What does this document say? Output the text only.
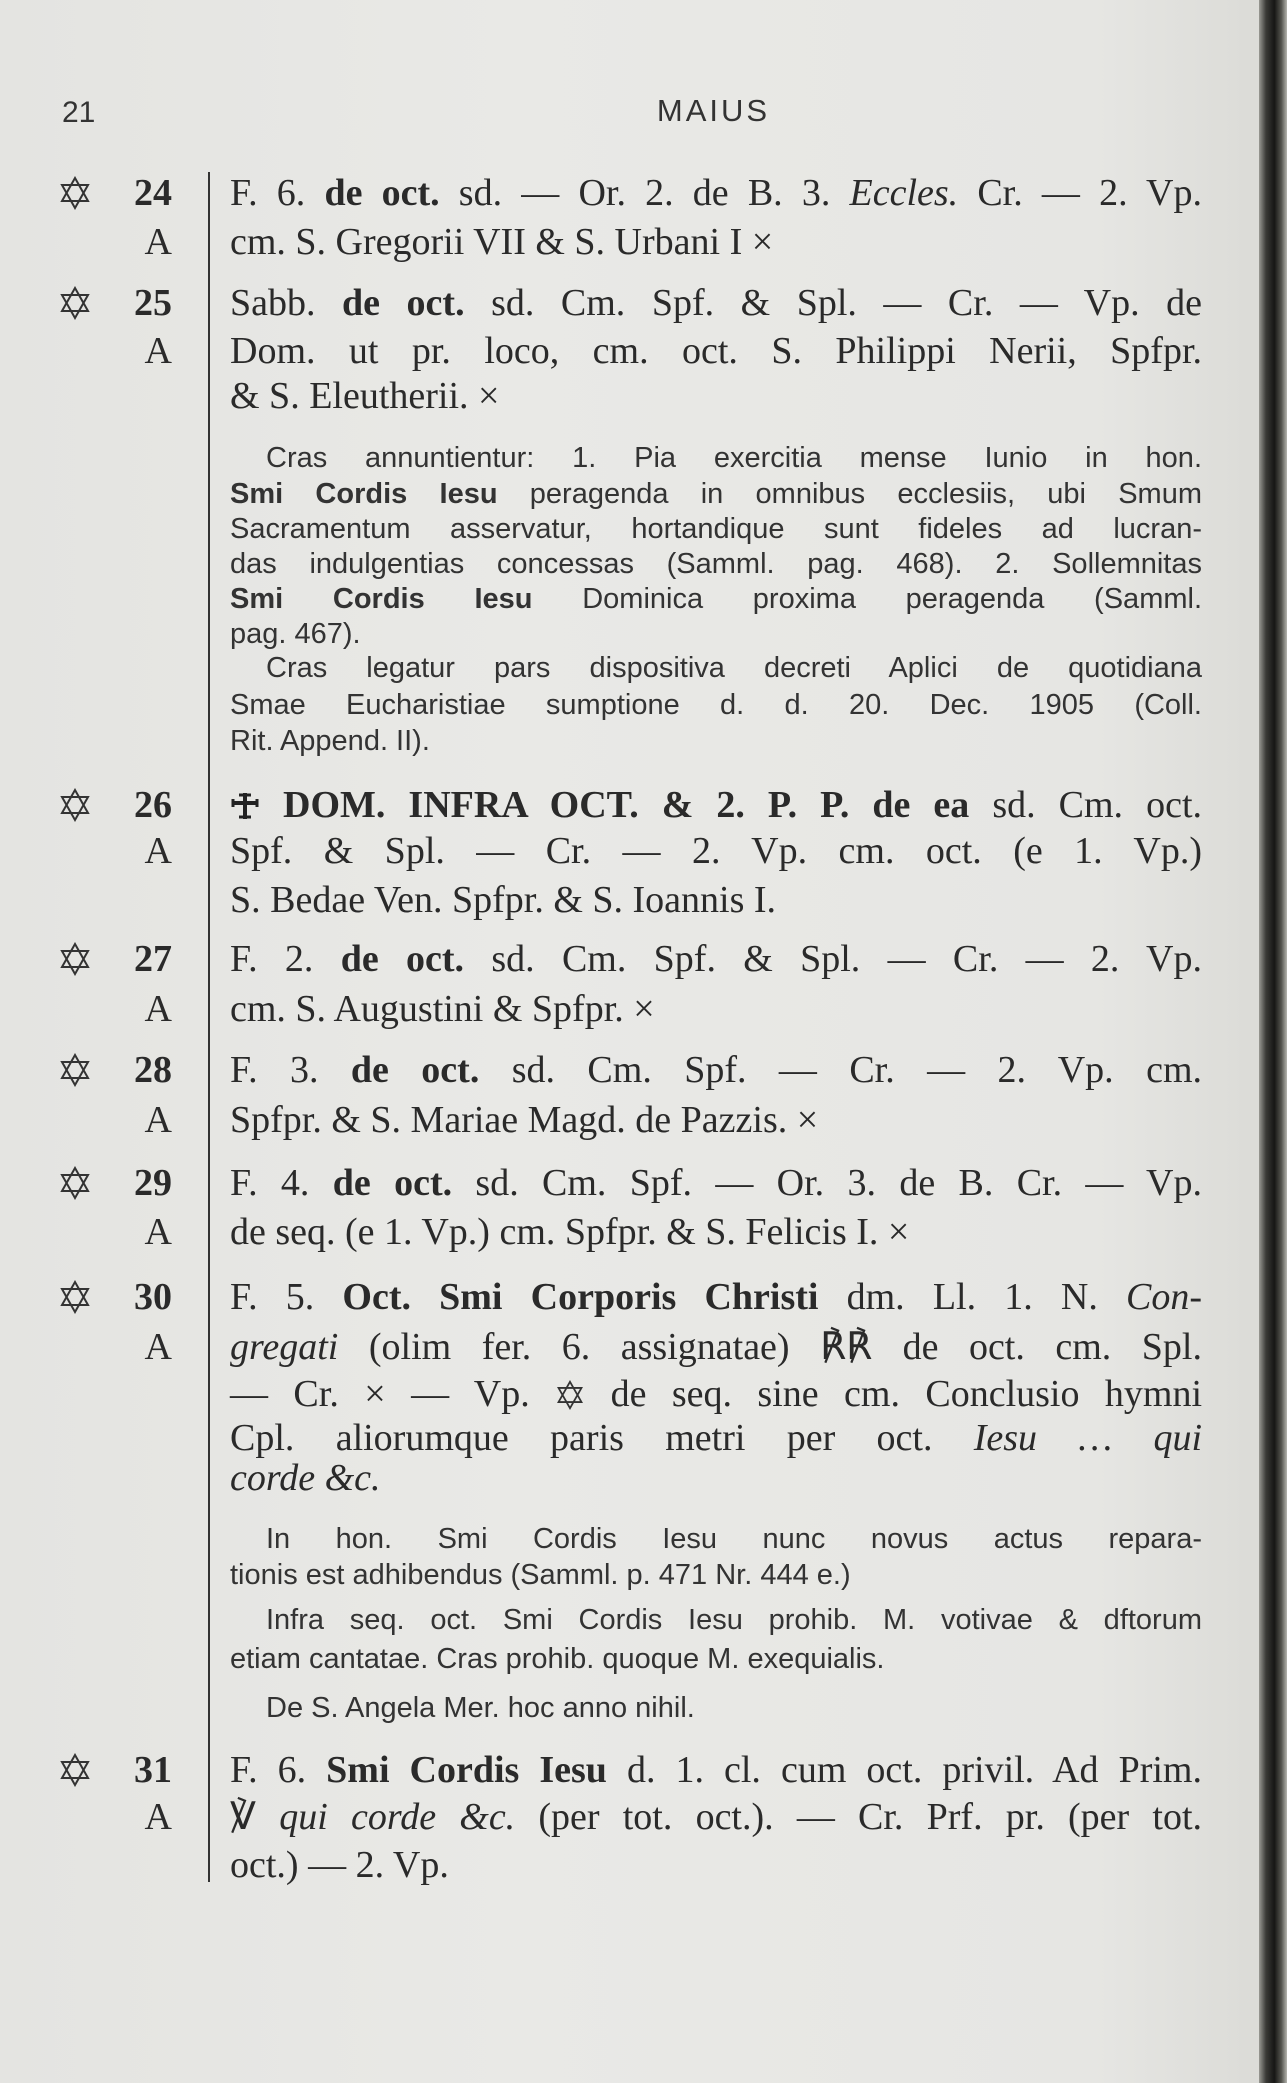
21	MAIUS
24
A
F. 6. de oct. sd. — Or. 2. de B. 3. Eccles. Cr. — 2. Vp.
cm. S. Gregorii VII & S. Urbani I ×
25
A
Sabb. de oct. sd. Cm. Spf. & Spl. — Cr. — Vp. de
Dom. ut pr. loco, cm. oct. S. Philippi Nerii, Spfpr.
& S. Eleutherii. ×
26
A
DOM. INFRA OCT. & 2. P. P. de ea sd. Cm. oct.
Spf. & Spl. — Cr. — 2. Vp. cm. oct. (e 1. Vp.)
S. Bedae Ven. Spfpr. & S. Ioannis I.
27
A
F. 2. de oct. sd. Cm. Spf. & Spl. — Cr. — 2. Vp.
cm. S. Augustini & Spfpr. ×
28
A
F. 3. de oct. sd. Cm. Spf. — Cr. — 2. Vp. cm.
Spfpr. & S. Mariae Magd. de Pazzis. ×
29
A
F. 4. de oct. sd. Cm. Spf. — Or. 3. de B. Cr. — Vp.
de seq. (e 1. Vp.) cm. Spfpr. & S. Felicis I. ×
30
A
F. 5. Oct. Smi Corporis Christi dm. Ll. 1. N. Con-
gregati (olim fer. 6. assignatae) ℟℟ de oct. cm. Spl.
— Cr. × — Vp.  de seq. sine cm. Conclusio hymni
Cpl. aliorumque paris metri per oct. Iesu … qui
corde &c.
31
A
F. 6. Smi Cordis Iesu d. 1. cl. cum oct. privil. Ad Prim.
℣ qui corde &c. (per tot. oct.). — Cr. Prf. pr. (per tot.
oct.) — 2. Vp.
Cras annuntientur: 1. Pia exercitia mense Iunio in hon.
Smi Cordis Iesu peragenda in omnibus ecclesiis, ubi Smum
Sacramentum asservatur, hortandique sunt fideles ad lucran-
das indulgentias concessas (Samml. pag. 468). 2. Sollemnitas
Smi Cordis Iesu Dominica proxima peragenda (Samml.
pag. 467).
Cras legatur pars dispositiva decreti Aplici de quotidiana
Smae Eucharistiae sumptione d. d. 20. Dec. 1905 (Coll.
Rit. Append. II).
In hon. Smi Cordis Iesu nunc novus actus repara-
tionis est adhibendus (Samml. p. 471 Nr. 444 e.)
Infra seq. oct. Smi Cordis Iesu prohib. M. votivae & dftorum
etiam cantatae. Cras prohib. quoque M. exequialis.
De S. Angela Mer. hoc anno nihil.
